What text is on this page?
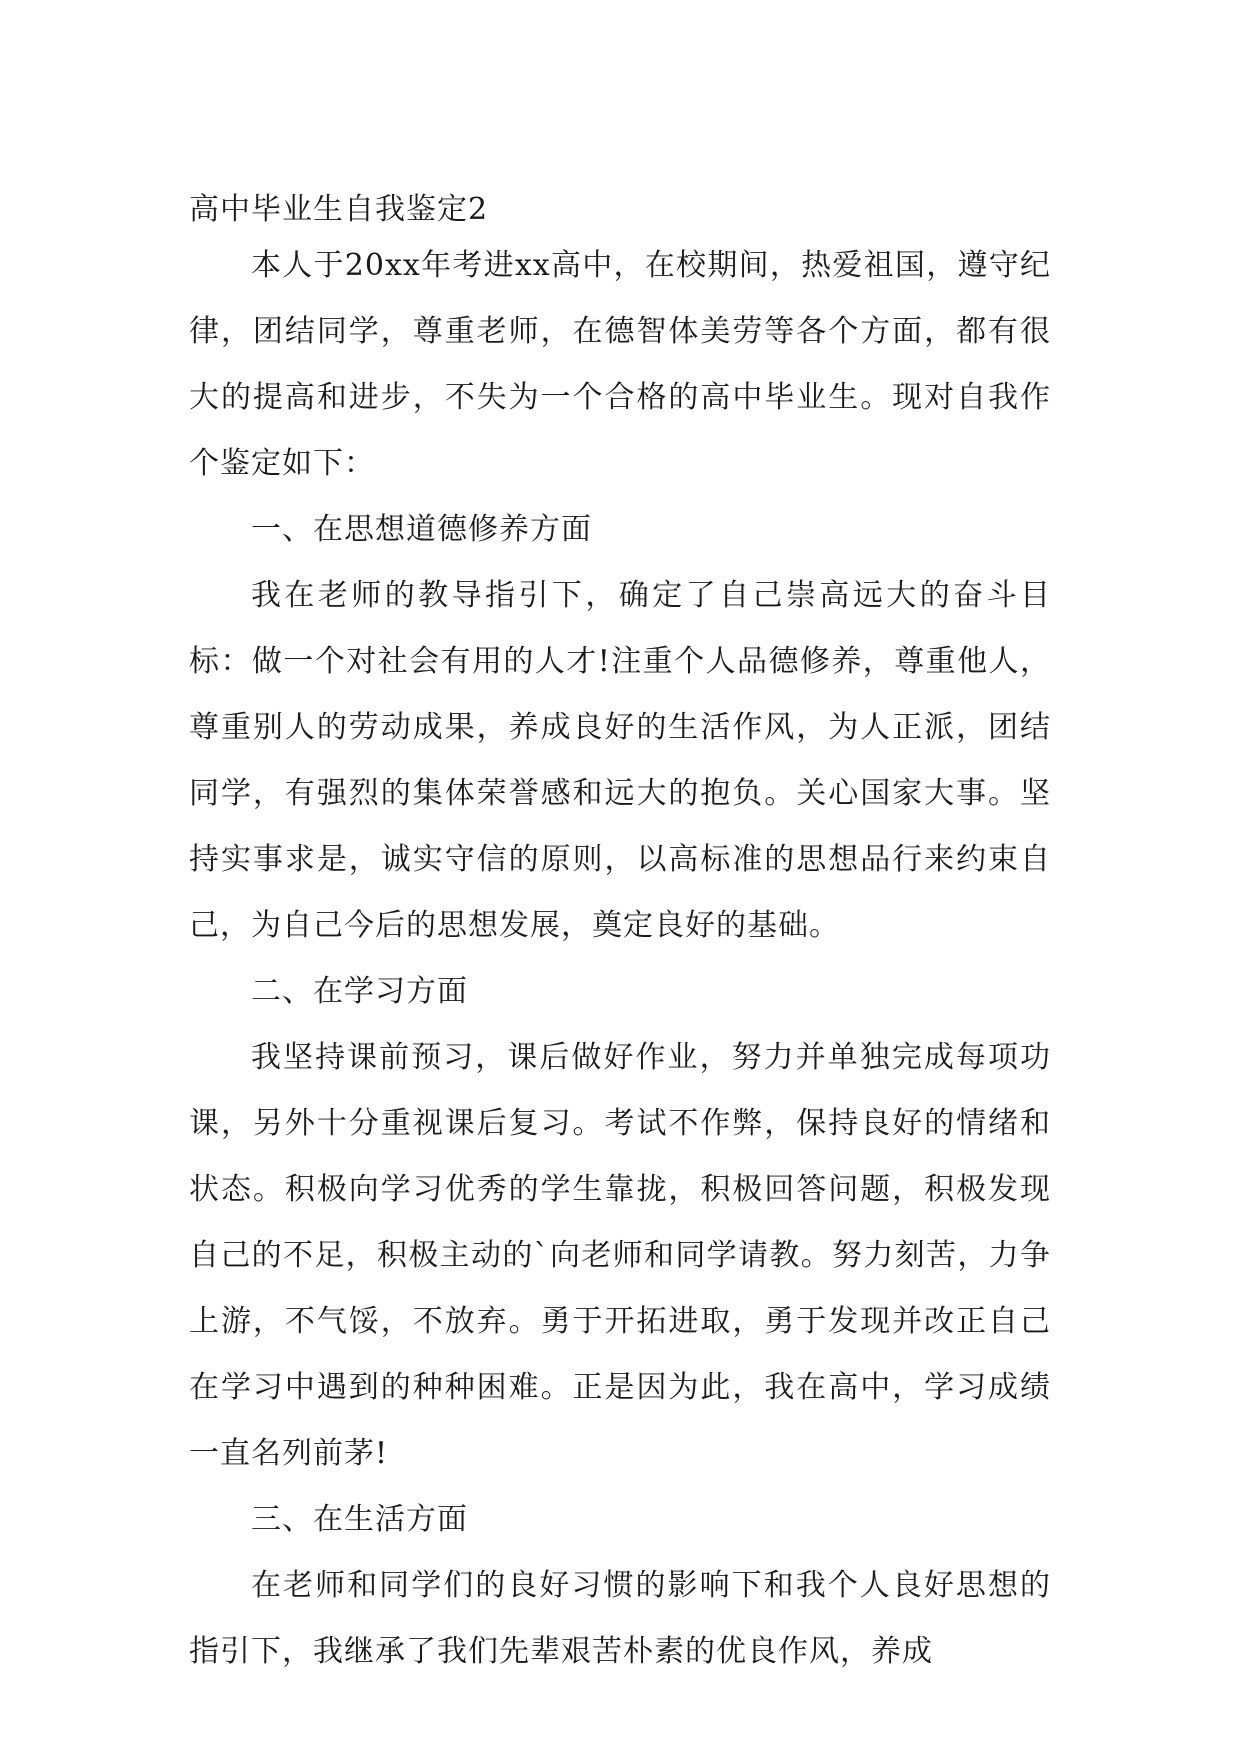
高中毕业生自我鉴定2

本人于20xx年考进xx高中，在校期间，热爱祖国，遵守纪律，团结同学，尊重老师，在德智体美劳等各个方面，都有很大的提高和进步，不失为一个合格的高中毕业生。现对自我作个鉴定如下：

一、在思想道德修养方面

我在老师的教导指引下，确定了自己崇高远大的奋斗目标：做一个对社会有用的人才!注重个人品德修养，尊重他人，尊重别人的劳动成果，养成良好的生活作风，为人正派，团结同学，有强烈的集体荣誉感和远大的抱负。关心国家大事。坚持实事求是，诚实守信的原则，以高标准的思想品行来约束自己，为自己今后的思想发展，奠定良好的基础。

二、在学习方面

我坚持课前预习，课后做好作业，努力并单独完成每项功课，另外十分重视课后复习。考试不作弊，保持良好的情绪和状态。积极向学习优秀的学生靠拢，积极回答问题，积极发现自己的不足，积极主动的`向老师和同学请教。努力刻苦，力争上游，不气馁，不放弃。勇于开拓进取，勇于发现并改正自己在学习中遇到的种种困难。正是因为此，我在高中，学习成绩一直名列前茅!

三、在生活方面

在老师和同学们的良好习惯的影响下和我个人良好思想的指引下，我继承了我们先辈艰苦朴素的优良作风，养成
